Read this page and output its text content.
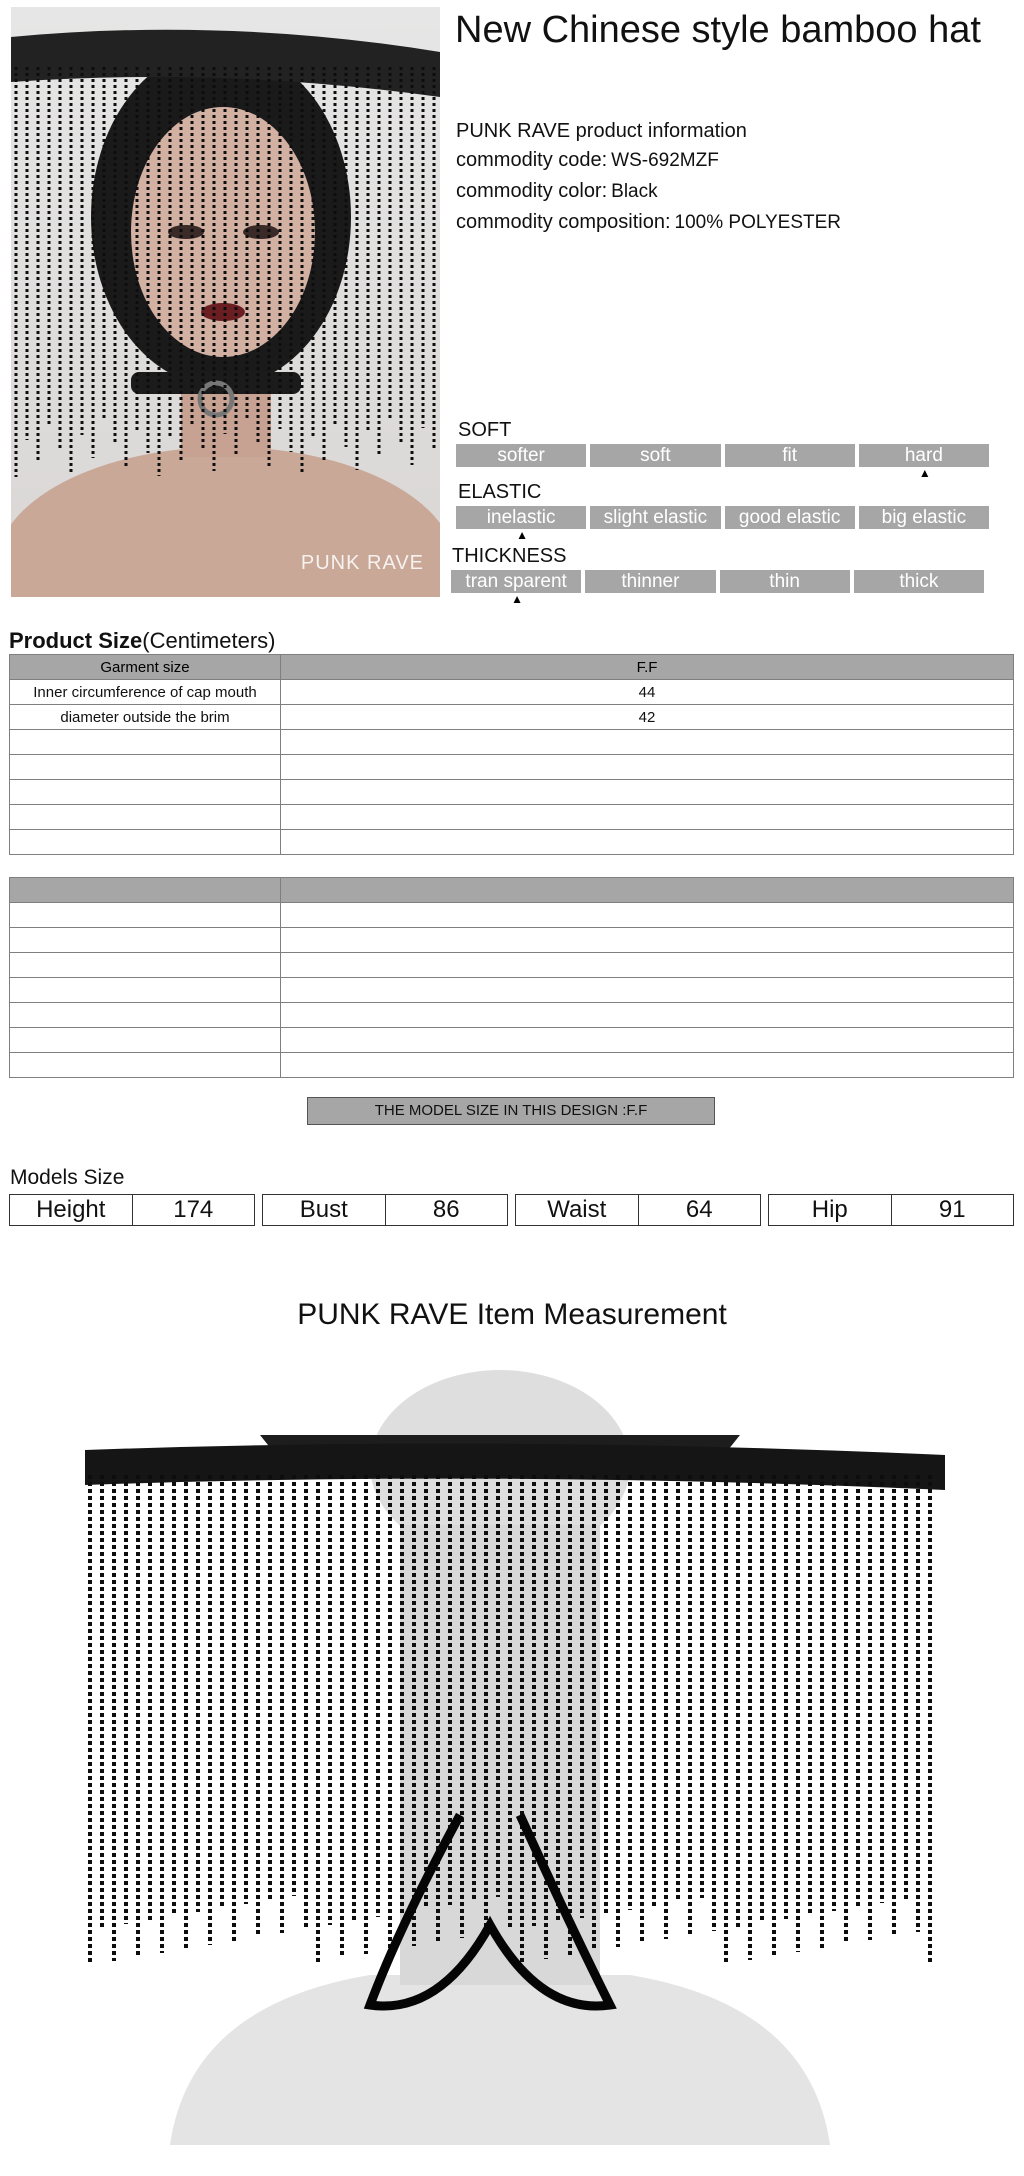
PUNK RAVE
New Chinese style bamboo hat
PUNK RAVE product information
commodity code: WS-692MZF
commodity color: Black
commodity composition: 100% POLYESTER
SOFT
softer	soft	fit	hard
▲
ELASTIC
inelastic	slight elastic	good elastic	big elastic
▲
THICKNESS
tran sparent	thinner	thin	thick
▲
Product Size(Centimeters)
Garment size	F.F
Inner circumference of cap mouth	44
diameter outside the brim	42

THE MODEL SIZE IN THIS DESIGN :F.F
Models Size
Height	174	Bust	86	Waist	64	Hip	91
PUNK RAVE Item Measurement
